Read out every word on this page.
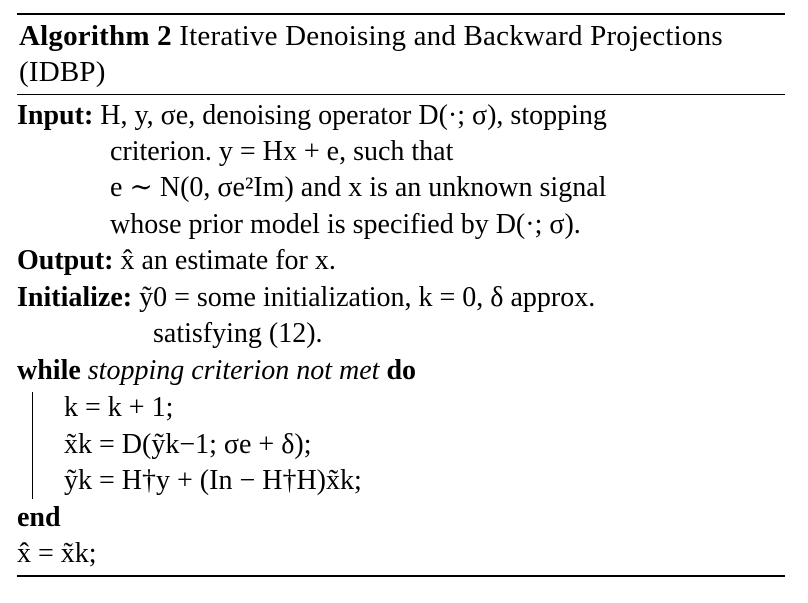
Algorithm 2 Iterative Denoising and Backward Projections (IDBP)
Input: H, y, σe, denoising operator D(·; σ), stopping
criterion. y = Hx + e, such that
e ∼ N(0, σe²Im) and x is an unknown signal
whose prior model is specified by D(·; σ).
Output: x̂ an estimate for x.
Initialize: ỹ0 = some initialization, k = 0, δ approx.
satisfying (12).
while stopping criterion not met do
k = k + 1;
x̃k = D(ỹk−1; σe + δ);
ỹk = H†y + (In − H†H)x̃k;
end
x̂ = x̃k;
